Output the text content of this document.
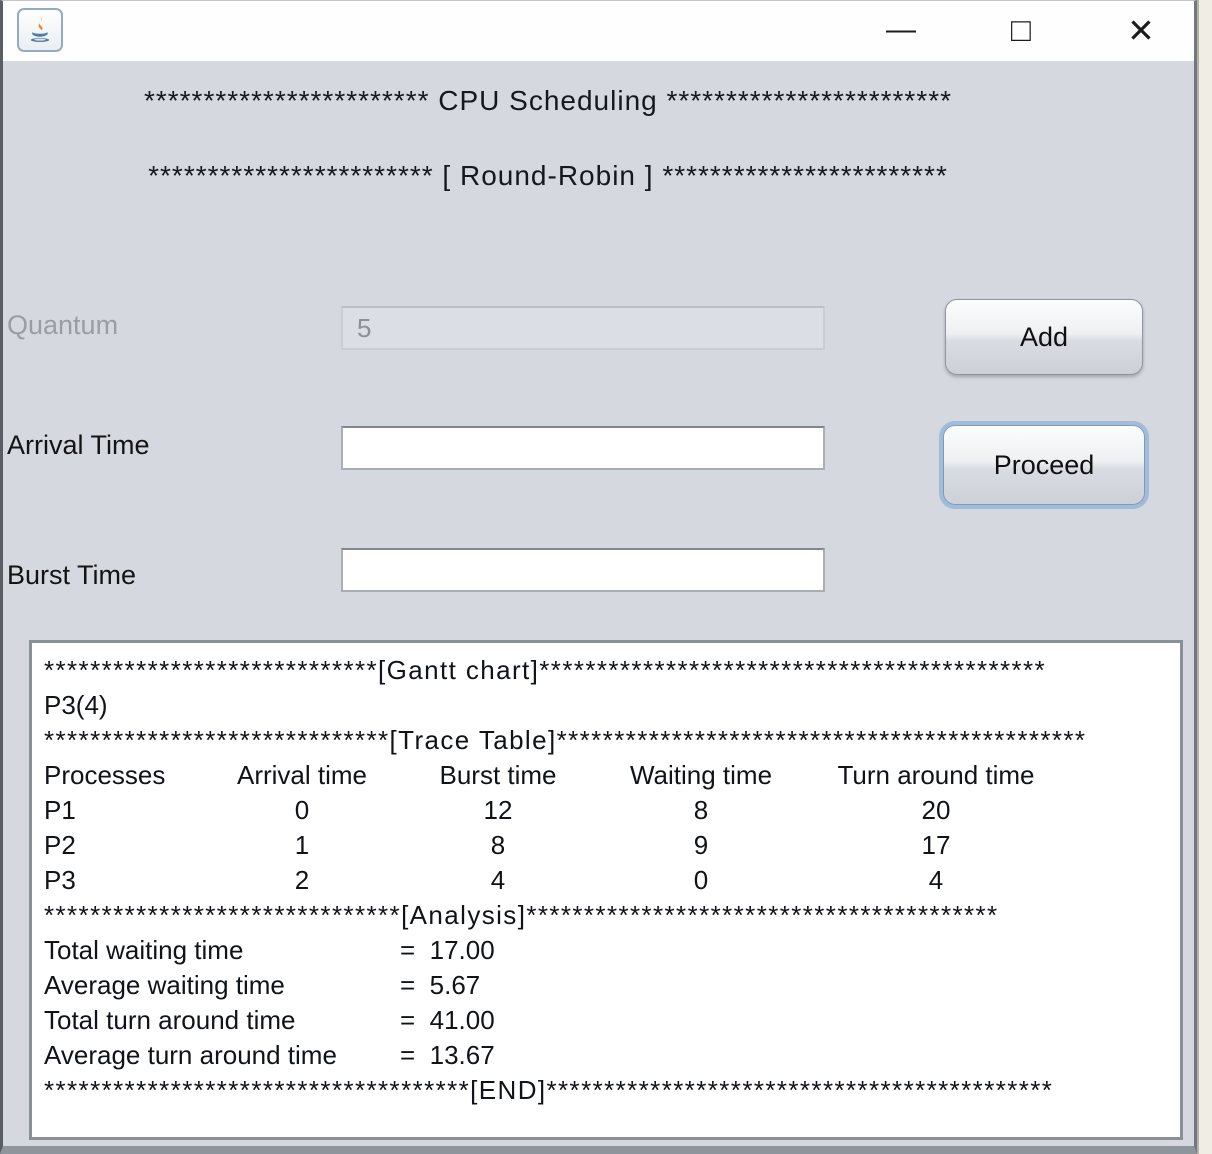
—	□	✕
************************ CPU Scheduling ************************
************************ [ Round-Robin ] ************************
Quantum
5	Add
Arrival Time
Proceed
Burst Time
*****************************[Gantt chart]********************************************
P3(4)
******************************[Trace Table]**********************************************
Processes	Arrival time	Burst time	Waiting time	Turn around time
P1	0	12	8	20
P2	1	8	9	17
P3	2	4	0	4
*******************************[Analysis]*****************************************
Total waiting time	=  17.00
Average waiting time	=  5.67
Total turn around time	=  41.00
Average turn around time	=  13.67
*************************************[END]********************************************
